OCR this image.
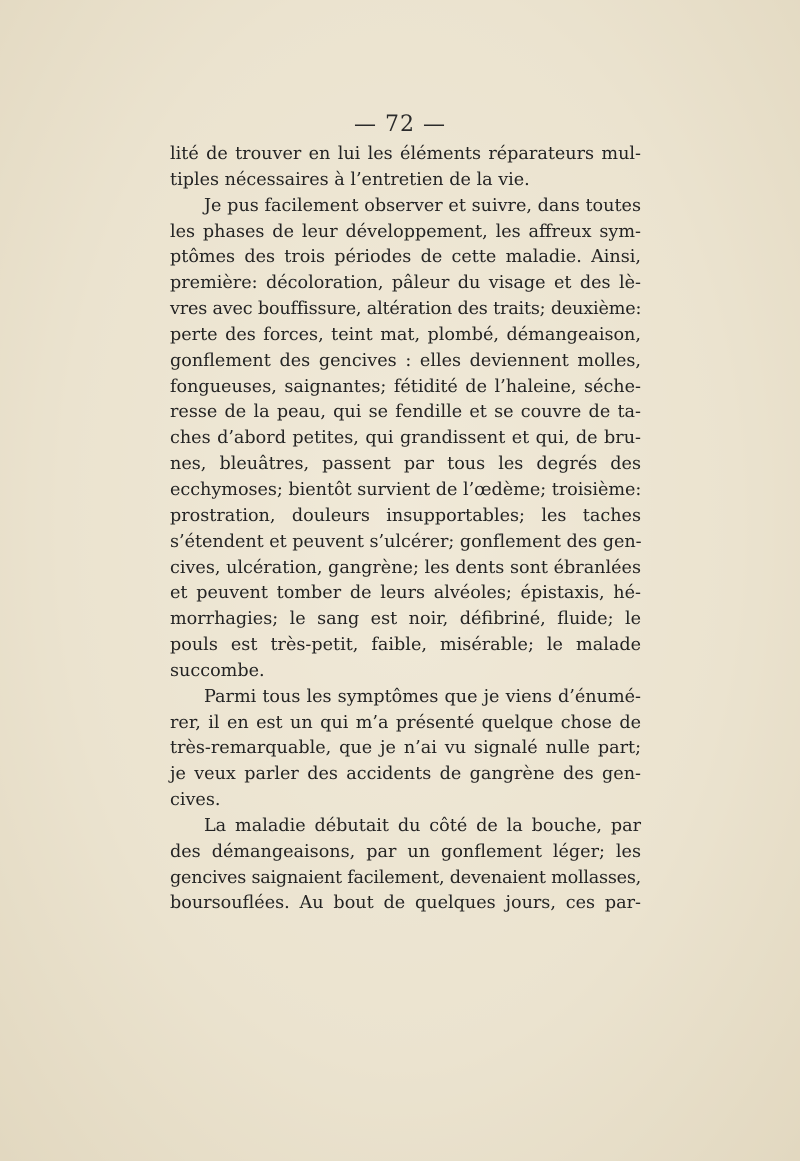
— 72 —
lité de trouver en lui les éléments réparateurs mul-
tiples nécessaires à l’entretien de la vie.
Je pus facilement observer et suivre, dans toutes
les phases de leur développement, les affreux sym-
ptômes des trois périodes de cette maladie. Ainsi,
première: décoloration, pâleur du visage et des lè-
vres avec bouffissure, altération des traits; deuxième:
perte des forces, teint mat, plombé, démangeaison,
gonflement des gencives : elles deviennent molles,
fongueuses, saignantes; fétidité de l’haleine, séche-
resse de la peau, qui se fendille et se couvre de ta-
ches d’abord petites, qui grandissent et qui, de bru-
nes, bleuâtres, passent par tous les degrés des
ecchymoses; bientôt survient de l’œdème; troisième:
prostration, douleurs insupportables; les taches
s’étendent et peuvent s’ulcérer; gonflement des gen-
cives, ulcération, gangrène; les dents sont ébranlées
et peuvent tomber de leurs alvéoles; épistaxis, hé-
morrhagies; le sang est noir, défibriné, fluide; le
pouls est très-petit, faible, misérable; le malade
succombe.
Parmi tous les symptômes que je viens d’énumé-
rer, il en est un qui m’a présenté quelque chose de
très-remarquable, que je n’ai vu signalé nulle part;
je veux parler des accidents de gangrène des gen-
cives.
La maladie débutait du côté de la bouche, par
des démangeaisons, par un gonflement léger; les
gencives saignaient facilement, devenaient mollasses,
boursouflées. Au bout de quelques jours, ces par-
